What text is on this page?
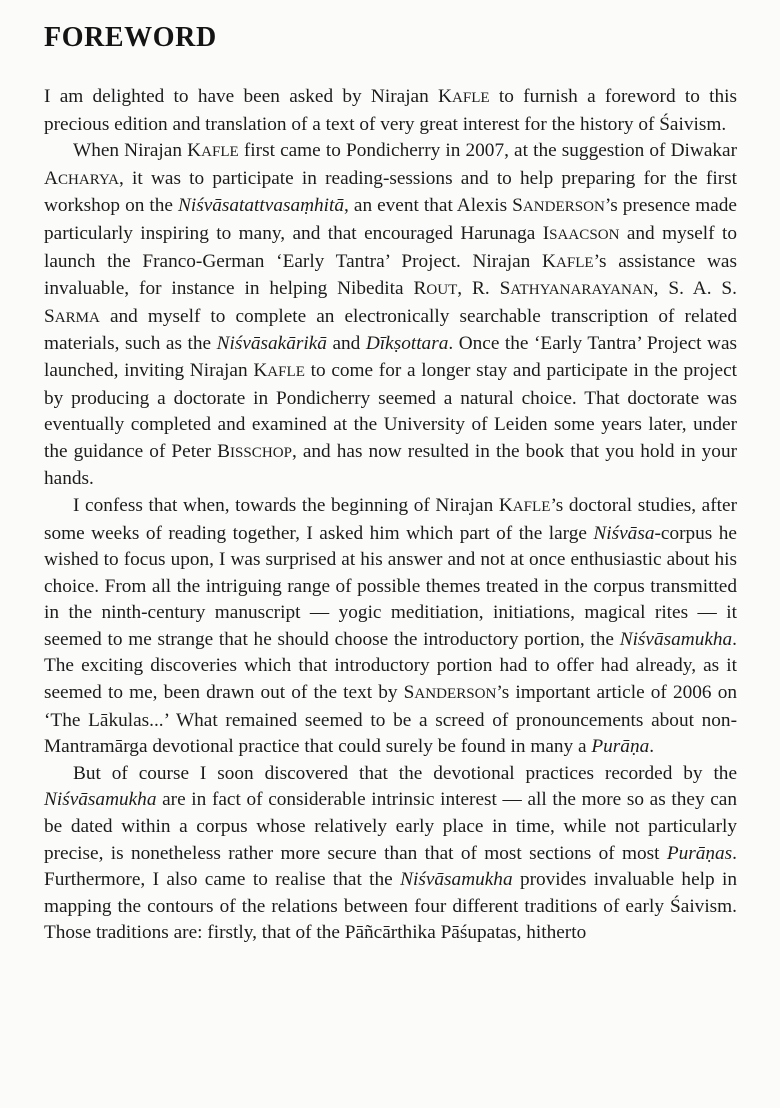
FOREWORD

I am delighted to have been asked by Nirajan KAFLE to furnish a foreword to this precious edition and translation of a text of very great interest for the history of Śaivism.

When Nirajan KAFLE first came to Pondicherry in 2007, at the suggestion of Diwakar ACHARYA, it was to participate in reading-sessions and to help preparing for the first workshop on the Niśvāsatattvasaṃhitā, an event that Alexis SANDERSON’s presence made particularly inspiring to many, and that encouraged Harunaga ISAACSON and myself to launch the Franco-German ‘Early Tantra’ Project. Nirajan KAFLE’s assistance was invaluable, for instance in helping Nibedita ROUT, R. SATHYANARAYANAN, S. A. S. SARMA and myself to complete an electronically searchable transcription of related materials, such as the Niśvāsakārikā and Dīkṣottara. Once the ‘Early Tantra’ Project was launched, inviting Nirajan KAFLE to come for a longer stay and participate in the project by producing a doctorate in Pondicherry seemed a natural choice. That doctorate was eventually completed and examined at the University of Leiden some years later, under the guidance of Peter BISSCHOP, and has now resulted in the book that you hold in your hands.

I confess that when, towards the beginning of Nirajan KAFLE’s doctoral studies, after some weeks of reading together, I asked him which part of the large Niśvāsa-corpus he wished to focus upon, I was surprised at his answer and not at once enthusiastic about his choice. From all the intriguing range of possible themes treated in the corpus transmitted in the ninth-century manuscript — yogic meditiation, initiations, magical rites — it seemed to me strange that he should choose the introductory portion, the Niśvāsamukha. The exciting discoveries which that introductory portion had to offer had already, as it seemed to me, been drawn out of the text by SANDERSON’s important article of 2006 on ‘The Lākulas...’ What remained seemed to be a screed of pronouncements about non-Mantramārga devotional practice that could surely be found in many a Purāṇa.

But of course I soon discovered that the devotional practices recorded by the Niśvāsamukha are in fact of considerable intrinsic interest — all the more so as they can be dated within a corpus whose relatively early place in time, while not particularly precise, is nonetheless rather more secure than that of most sections of most Purāṇas. Furthermore, I also came to realise that the Niśvāsamukha provides invaluable help in mapping the contours of the relations between four different traditions of early Śaivism. Those traditions are: firstly, that of the Pāñcārthika Pāśupatas, hitherto
